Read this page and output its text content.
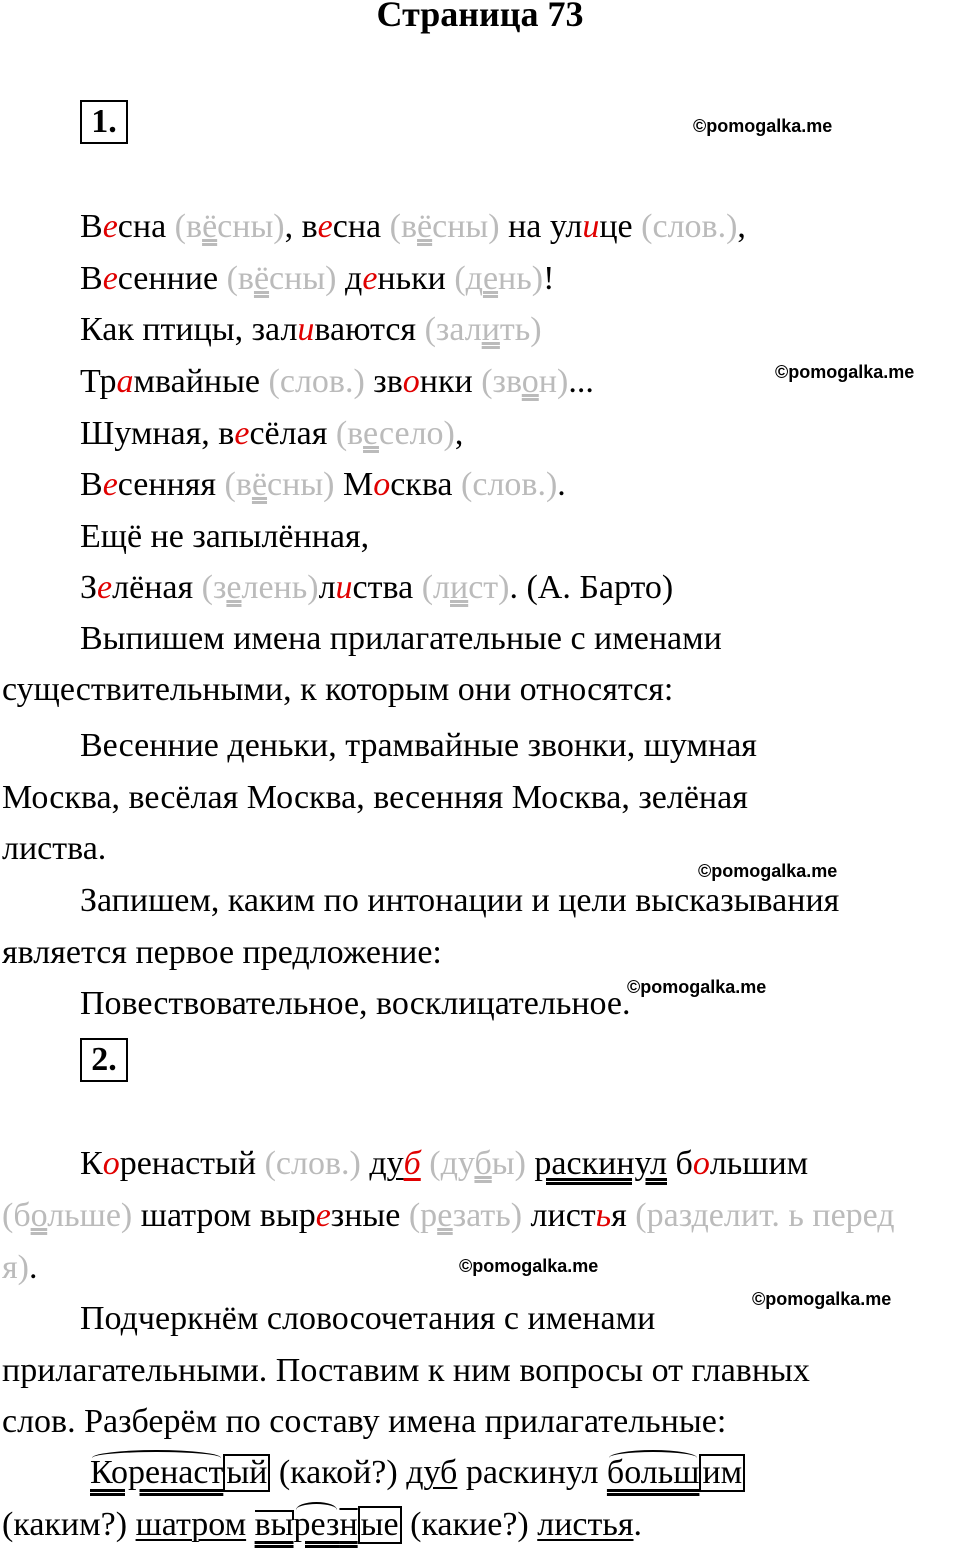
Страница 73
1.
2.
©pomogalka.me
©pomogalka.me
©pomogalka.me
©pomogalka.me
©pomogalka.me
©pomogalka.me
Весна (вёсны), весна (вёсны) на улице (слов.),
Весенние (вёсны) деньки (день)!
Как птицы, заливаются (залить)
Трамвайные (слов.) звонки (звон)...
Шумная, весёлая (весело),
Весенняя (вёсны) Москва (слов.).
Ещё не запылённая,
Зелёная (зелень)листва (лист). (А. Барто)
Выпишем имена прилагательные с именами
существительными, к которым они относятся:
Весенние деньки, трамвайные звонки, шумная
Москва, весёлая Москва, весенняя Москва, зелёная
листва.
Запишем, каким по интонации и цели высказывания
является первое предложение:
Повествовательное, восклицательное.
Коренастый (слов.) дуб (дубы) раскинул большим
(больше) шатром вырезные (резать) листья (разделит. ь перед
я).
Подчеркнём словосочетания с именами
прилагательными. Поставим к ним вопросы от главных
слов. Разберём по составу имена прилагательные:
Коренастый (какой?) дуб раскинул большим
(каким?) шатром вырезные (какие?) листья.
